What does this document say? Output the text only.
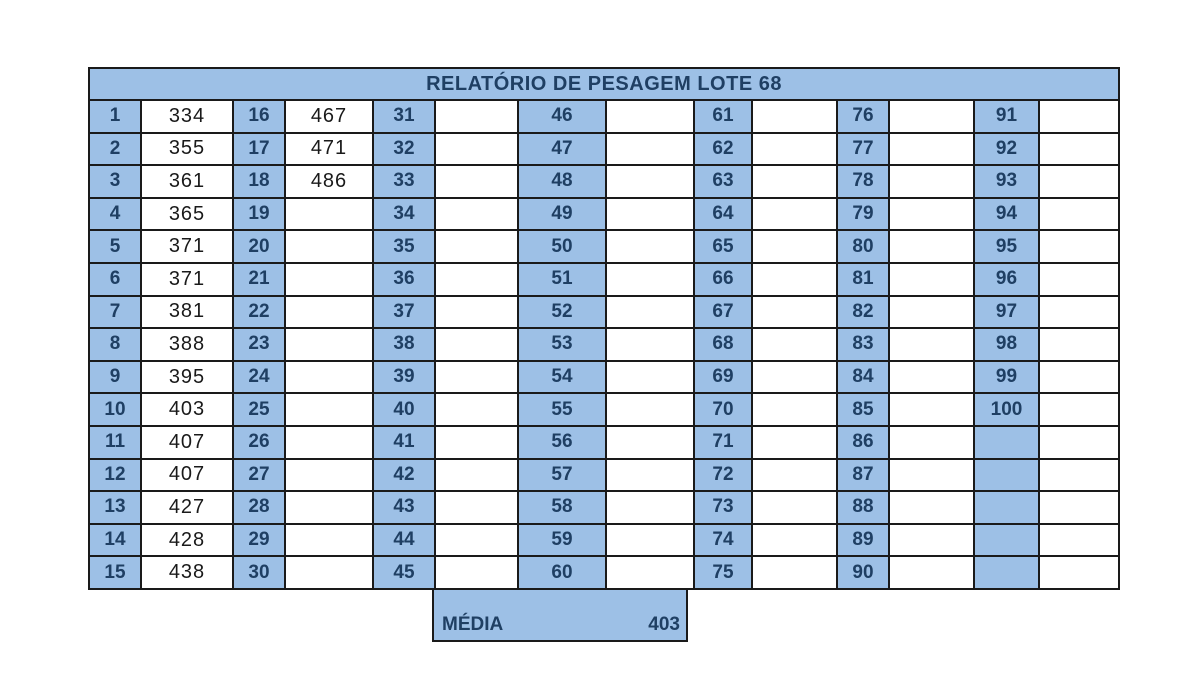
RELATÓRIO DE PESAGEM LOTE 68													
1	334	16	467	31		46		61		76		91	
2	355	17	471	32		47		62		77		92	
3	361	18	486	33		48		63		78		93	
4	365	19		34		49		64		79		94	
5	371	20		35		50		65		80		95	
6	371	21		36		51		66		81		96	
7	381	22		37		52		67		82		97	
8	388	23		38		53		68		83		98	
9	395	24		39		54		69		84		99	
10	403	25		40		55		70		85		100	
11	407	26		41		56		71		86			
12	407	27		42		57		72		87			
13	427	28		43		58		73		88			
14	428	29		44		59		74		89			
15	438	30		45		60		75		90			
MÉDIA	403
